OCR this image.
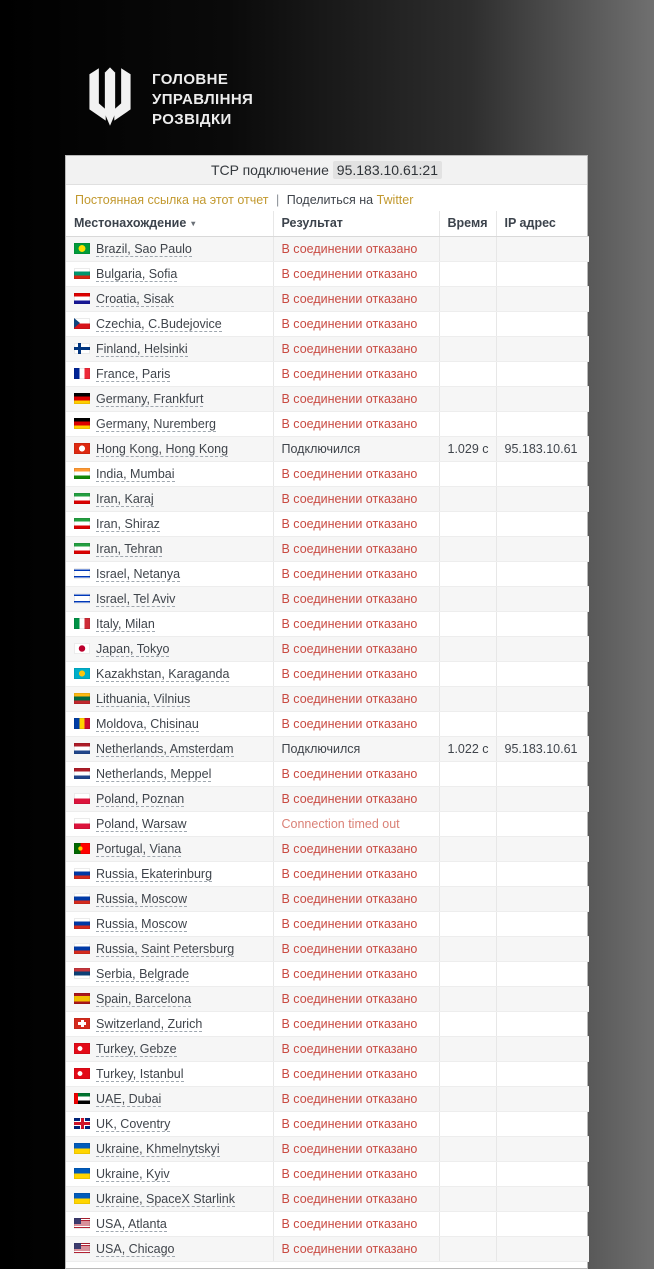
ГОЛОВНЕ
УПРАВЛІННЯ
РОЗВІДКИ
TCP подключение 95.183.10.61:21
Постоянная ссылка на этот отчет | Поделиться на Twitter
Местонахождение ▾	Результат	Время	IP адрес
Brazil, Sao Paulo	В соединении отказано		
Bulgaria, Sofia	В соединении отказано		
Croatia, Sisak	В соединении отказано		
Czechia, C.Budejovice	В соединении отказано		
Finland, Helsinki	В соединении отказано		
France, Paris	В соединении отказано		
Germany, Frankfurt	В соединении отказано		
Germany, Nuremberg	В соединении отказано		
Hong Kong, Hong Kong	Подключился	1.029 с	95.183.10.61
India, Mumbai	В соединении отказано		
Iran, Karaj	В соединении отказано		
Iran, Shiraz	В соединении отказано		
Iran, Tehran	В соединении отказано		
Israel, Netanya	В соединении отказано		
Israel, Tel Aviv	В соединении отказано		
Italy, Milan	В соединении отказано		
Japan, Tokyo	В соединении отказано		
Kazakhstan, Karaganda	В соединении отказано		
Lithuania, Vilnius	В соединении отказано		
Moldova, Chisinau	В соединении отказано		
Netherlands, Amsterdam	Подключился	1.022 с	95.183.10.61
Netherlands, Meppel	В соединении отказано		
Poland, Poznan	В соединении отказано		
Poland, Warsaw	Connection timed out		
Portugal, Viana	В соединении отказано		
Russia, Ekaterinburg	В соединении отказано		
Russia, Moscow	В соединении отказано		
Russia, Moscow	В соединении отказано		
Russia, Saint Petersburg	В соединении отказано		
Serbia, Belgrade	В соединении отказано		
Spain, Barcelona	В соединении отказано		
Switzerland, Zurich	В соединении отказано		
Turkey, Gebze	В соединении отказано		
Turkey, Istanbul	В соединении отказано		
UAE, Dubai	В соединении отказано		
UK, Coventry	В соединении отказано		
Ukraine, Khmelnytskyi	В соединении отказано		
Ukraine, Kyiv	В соединении отказано		
Ukraine, SpaceX Starlink	В соединении отказано		
USA, Atlanta	В соединении отказано		
USA, Chicago	В соединении отказано		
